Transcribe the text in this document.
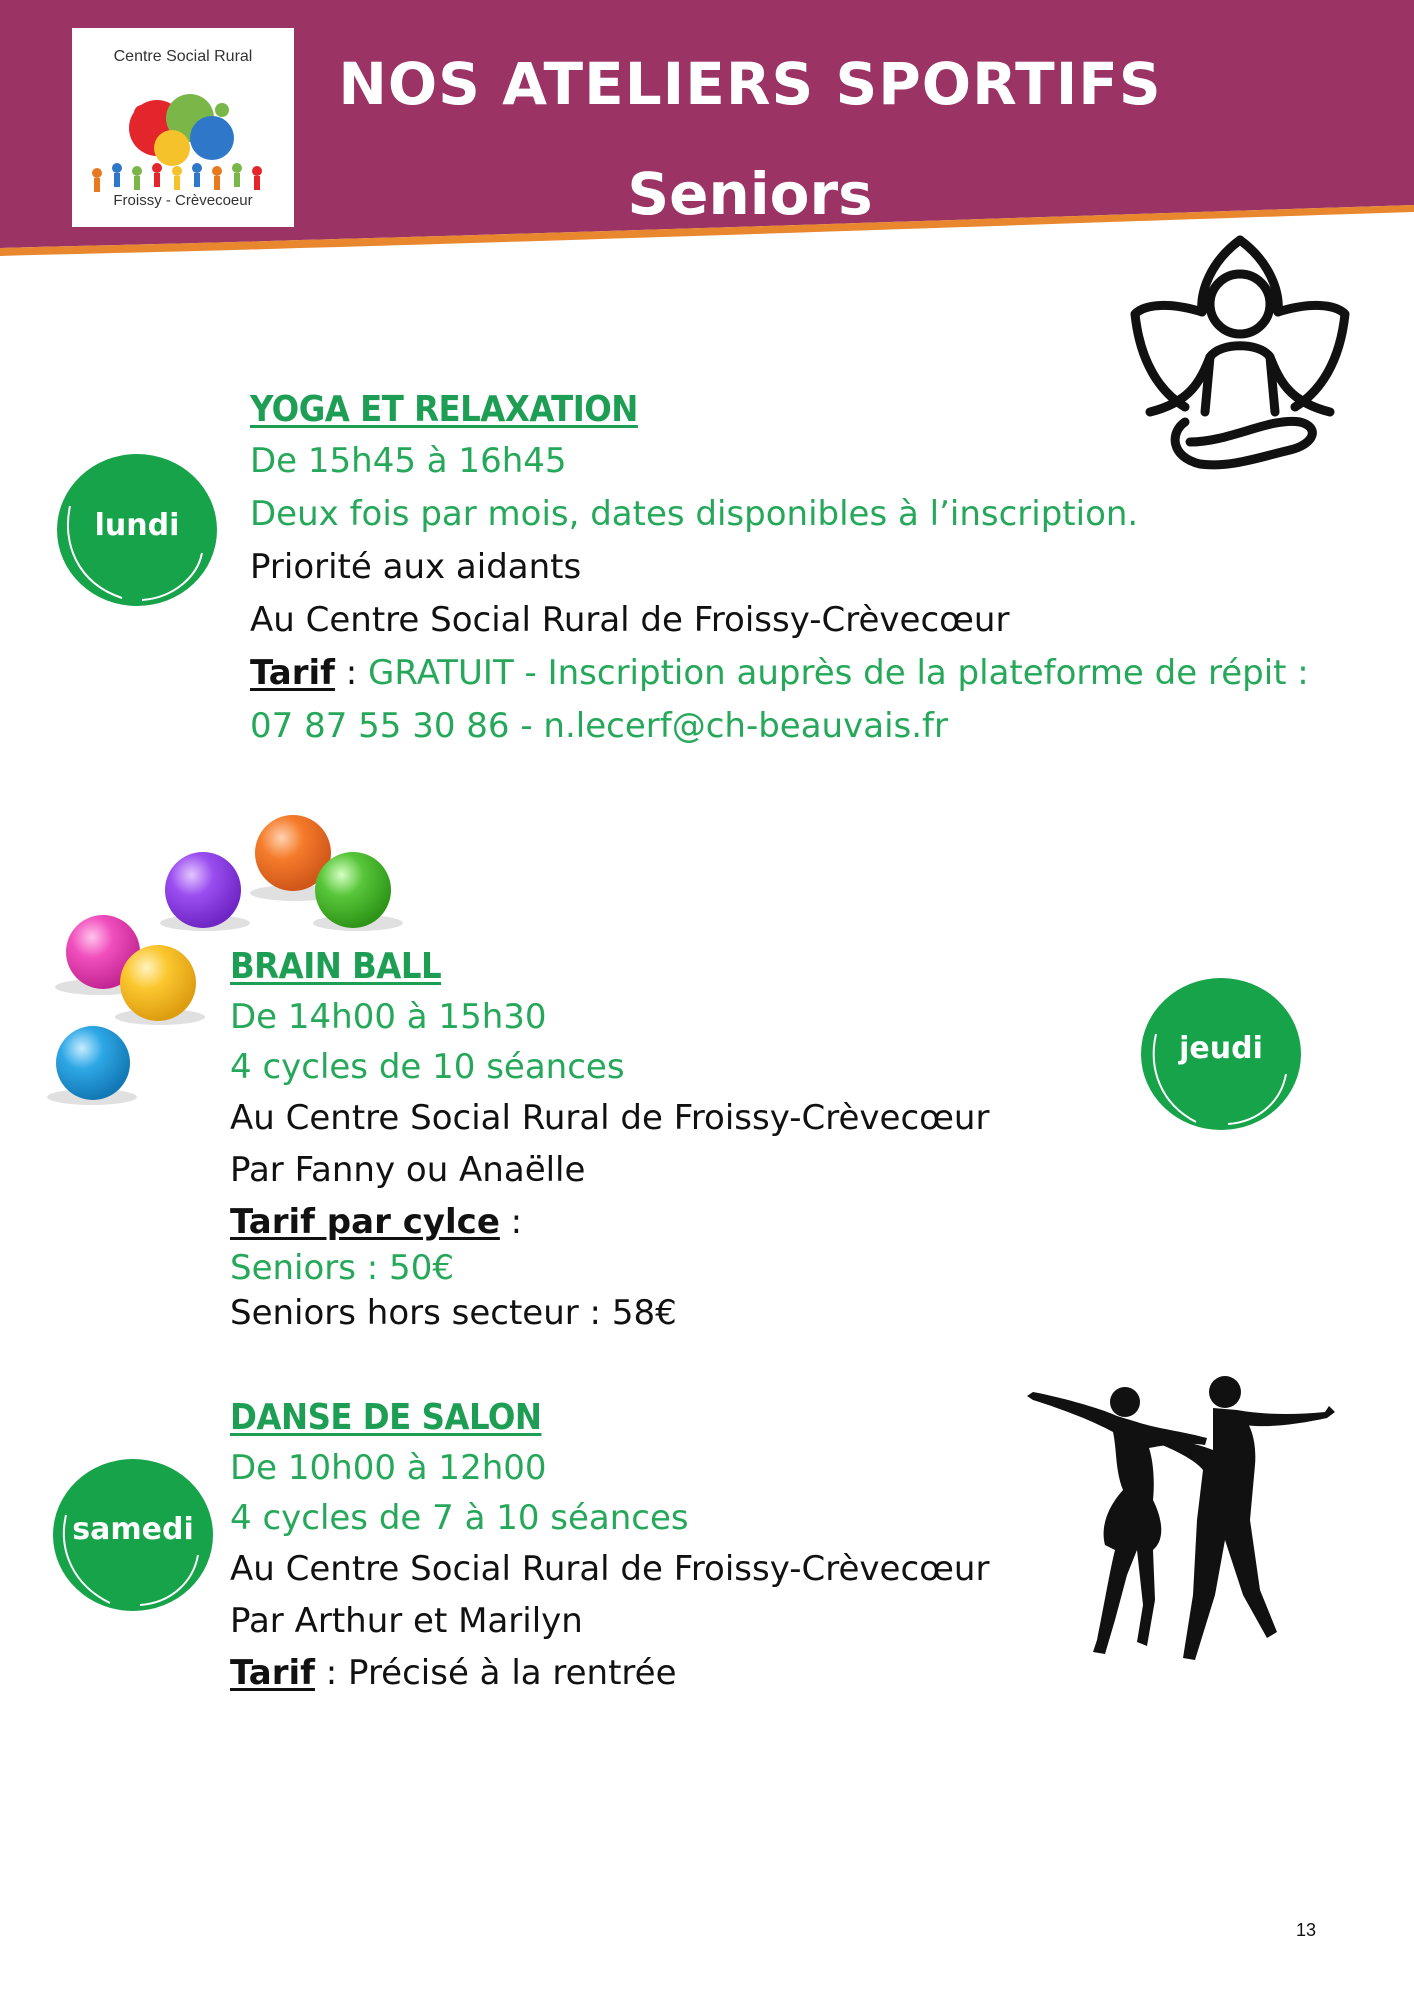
Centre Social Rural
Froissy - Crèvecoeur
NOS ATELIERS SPORTIFS
Seniors
lundi
YOGA ET RELAXATION
De 15h45 à 16h45
Deux fois par mois, dates disponibles à l’inscription.
Priorité aux aidants
Au Centre Social Rural de Froissy-Crèvecœur
Tarif : GRATUIT - Inscription auprès de la plateforme de répit :
07 87 55 30 86 - n.lecerf@ch-beauvais.fr
jeudi
BRAIN BALL
De 14h00 à 15h30
4 cycles de 10 séances
Au Centre Social Rural de Froissy-Crèvecœur
Par Fanny ou Anaëlle
Tarif par cylce :
Seniors : 50€
Seniors hors secteur : 58€
samedi
DANSE DE SALON
De 10h00 à 12h00
4 cycles de 7 à 10 séances
Au Centre Social Rural de Froissy-Crèvecœur
Par Arthur et Marilyn
Tarif : Précisé à la rentrée
13
